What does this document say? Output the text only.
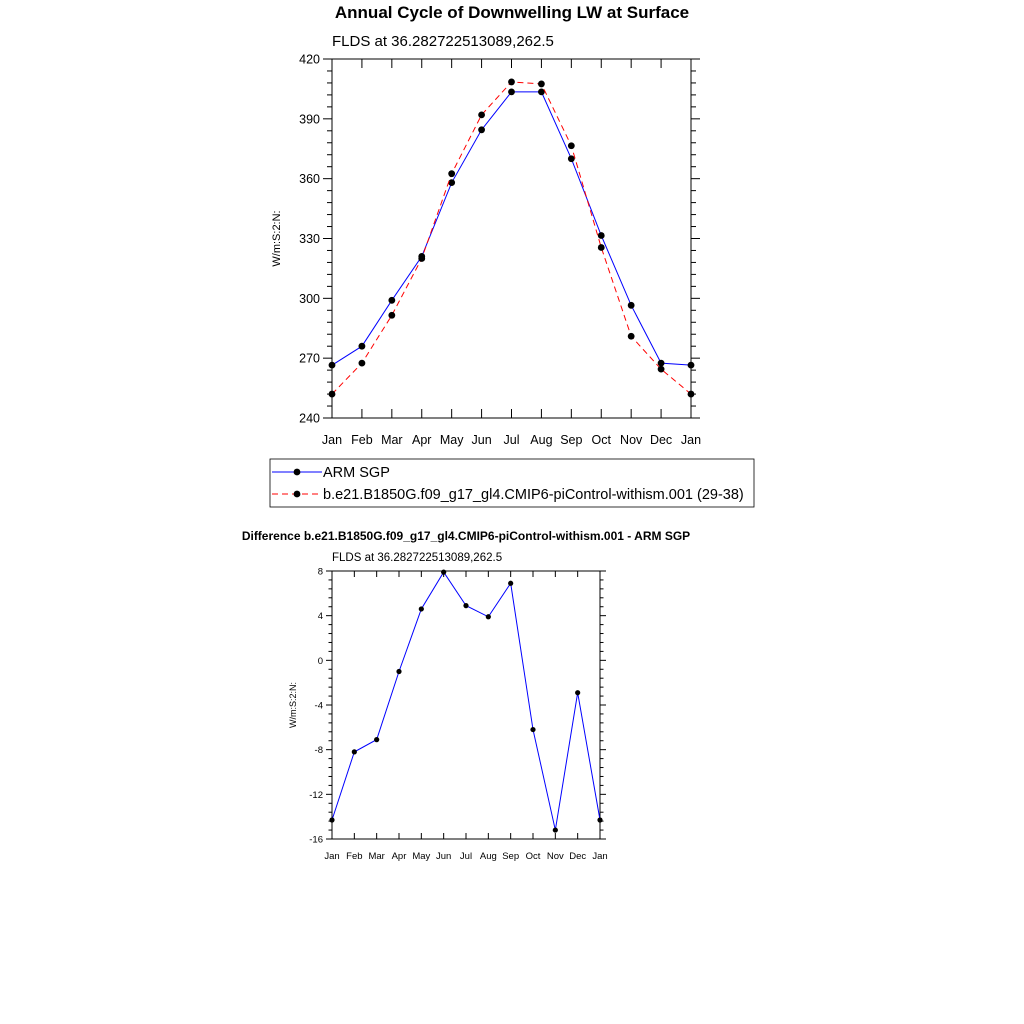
Annual Cycle of Downwelling LW at Surface
FLDS at 36.282722513089,262.5
Jan Feb Mar Apr May Jun Jul Aug Sep Oct Nov Dec Jan
240
270
300
330
360
390
420
W/m:S:2:N:
ARM SGP
b.e21.B1850G.f09_g17_gl4.CMIP6-piControl-withism.001 (29-38)
Difference b.e21.B1850G.f09_g17_gl4.CMIP6-piControl-withism.001 - ARM SGP
FLDS at 36.282722513089,262.5
Jan Feb Mar Apr May Jun Jul Aug Sep Oct Nov Dec Jan
-16
-12
-8
-4
0
4
8
W/m:S:2:N:
